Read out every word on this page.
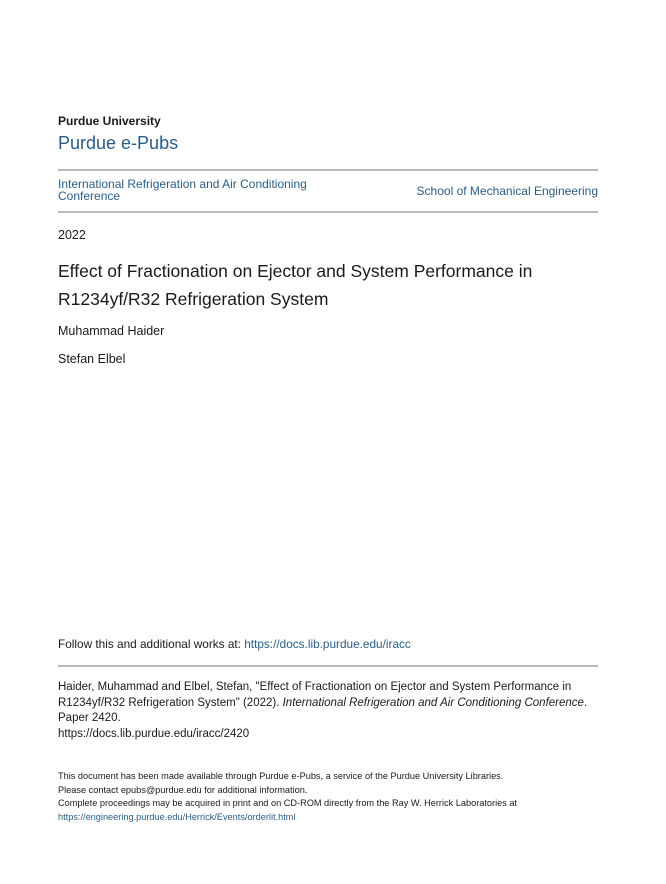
Purdue University
Purdue e-Pubs
International Refrigeration and Air Conditioning Conference	School of Mechanical Engineering
2022
Effect of Fractionation on Ejector and System Performance in R1234yf/R32 Refrigeration System
Muhammad Haider
Stefan Elbel
Follow this and additional works at: https://docs.lib.purdue.edu/iracc
Haider, Muhammad and Elbel, Stefan, "Effect of Fractionation on Ejector and System Performance in R1234yf/R32 Refrigeration System" (2022). International Refrigeration and Air Conditioning Conference.
Paper 2420.
https://docs.lib.purdue.edu/iracc/2420
This document has been made available through Purdue e-Pubs, a service of the Purdue University Libraries.
Please contact epubs@purdue.edu for additional information.
Complete proceedings may be acquired in print and on CD-ROM directly from the Ray W. Herrick Laboratories at
https://engineering.purdue.edu/Herrick/Events/orderlit.html
